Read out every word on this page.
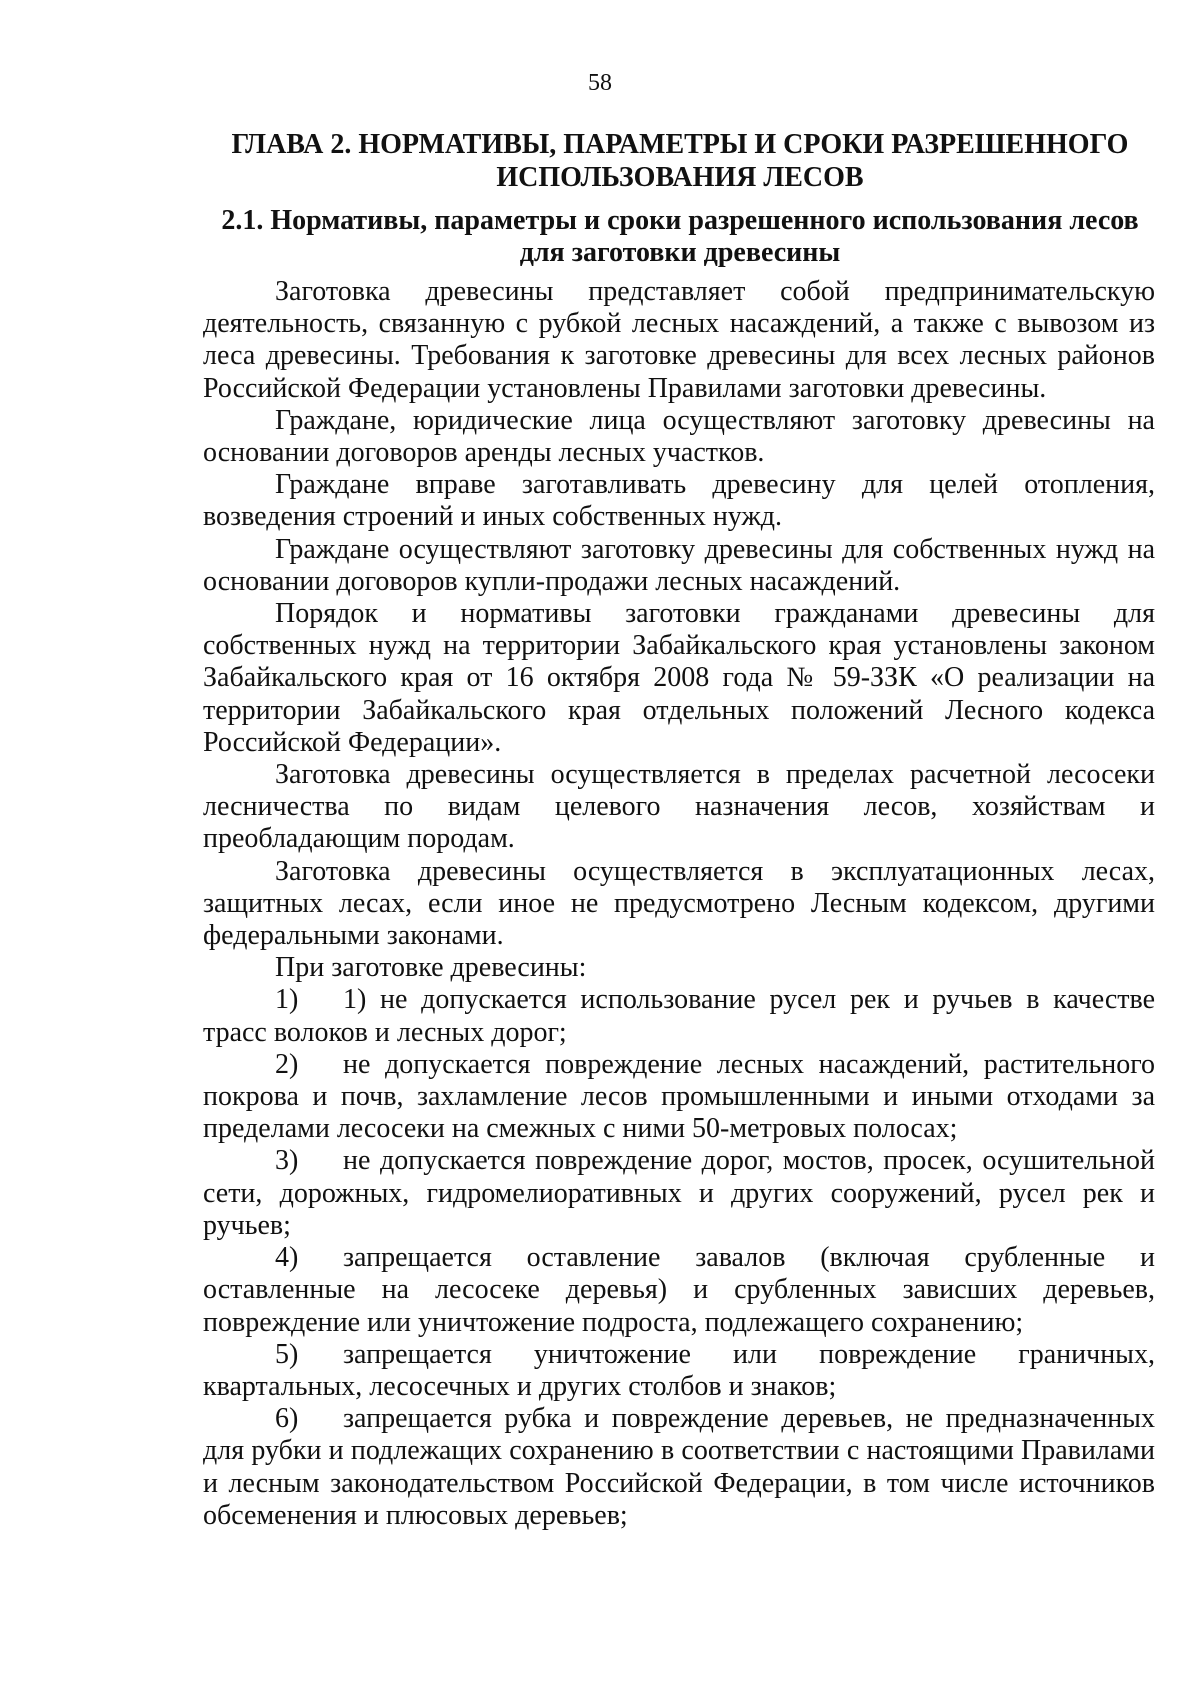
58
ГЛАВА 2. НОРМАТИВЫ, ПАРАМЕТРЫ И СРОКИ РАЗРЕШЕННОГО ИСПОЛЬЗОВАНИЯ ЛЕСОВ
2.1. Нормативы, параметры и сроки разрешенного использования лесов для заготовки древесины

Заготовка древесины представляет собой предпринимательскую деятельность, связанную с рубкой лесных насаждений, а также с вывозом из леса древесины. Требования к заготовке древесины для всех лесных районов Российской Федерации установлены Правилами заготовки древесины.

Граждане, юридические лица осуществляют заготовку древесины на основании договоров аренды лесных участков.

Граждане вправе заготавливать древесину для целей отопления, возведения строений и иных собственных нужд.

Граждане осуществляют заготовку древесины для собственных нужд на основании договоров купли-продажи лесных насаждений.

Порядок и нормативы заготовки гражданами древесины для собственных нужд на территории Забайкальского края установлены законом Забайкальского края от 16 октября 2008 года № 59-ЗЗК «О реализации на территории Забайкальского края отдельных положений Лесного кодекса Российской Федерации».

Заготовка древесины осуществляется в пределах расчетной лесосеки лесничества по видам целевого назначения лесов, хозяйствам и преобладающим породам.

Заготовка древесины осуществляется в эксплуатационных лесах, защитных лесах, если иное не предусмотрено Лесным кодексом, другими федеральными законами.

При заготовке древесины:

1) 1) не допускается использование русел рек и ручьев в качестве трасс волоков и лесных дорог;

2) не допускается повреждение лесных насаждений, растительного покрова и почв, захламление лесов промышленными и иными отходами за пределами лесосеки на смежных с ними 50-метровых полосах;

3) не допускается повреждение дорог, мостов, просек, осушительной сети, дорожных, гидромелиоративных и других сооружений, русел рек и ручьев;

4) запрещается оставление завалов (включая срубленные и оставленные на лесосеке деревья) и срубленных зависших деревьев, повреждение или уничтожение подроста, подлежащего сохранению;

5) запрещается уничтожение или повреждение граничных, квартальных, лесосечных и других столбов и знаков;

6) запрещается рубка и повреждение деревьев, не предназначенных для рубки и подлежащих сохранению в соответствии с настоящими Правилами и лесным законодательством Российской Федерации, в том числе источников обсеменения и плюсовых деревьев;
